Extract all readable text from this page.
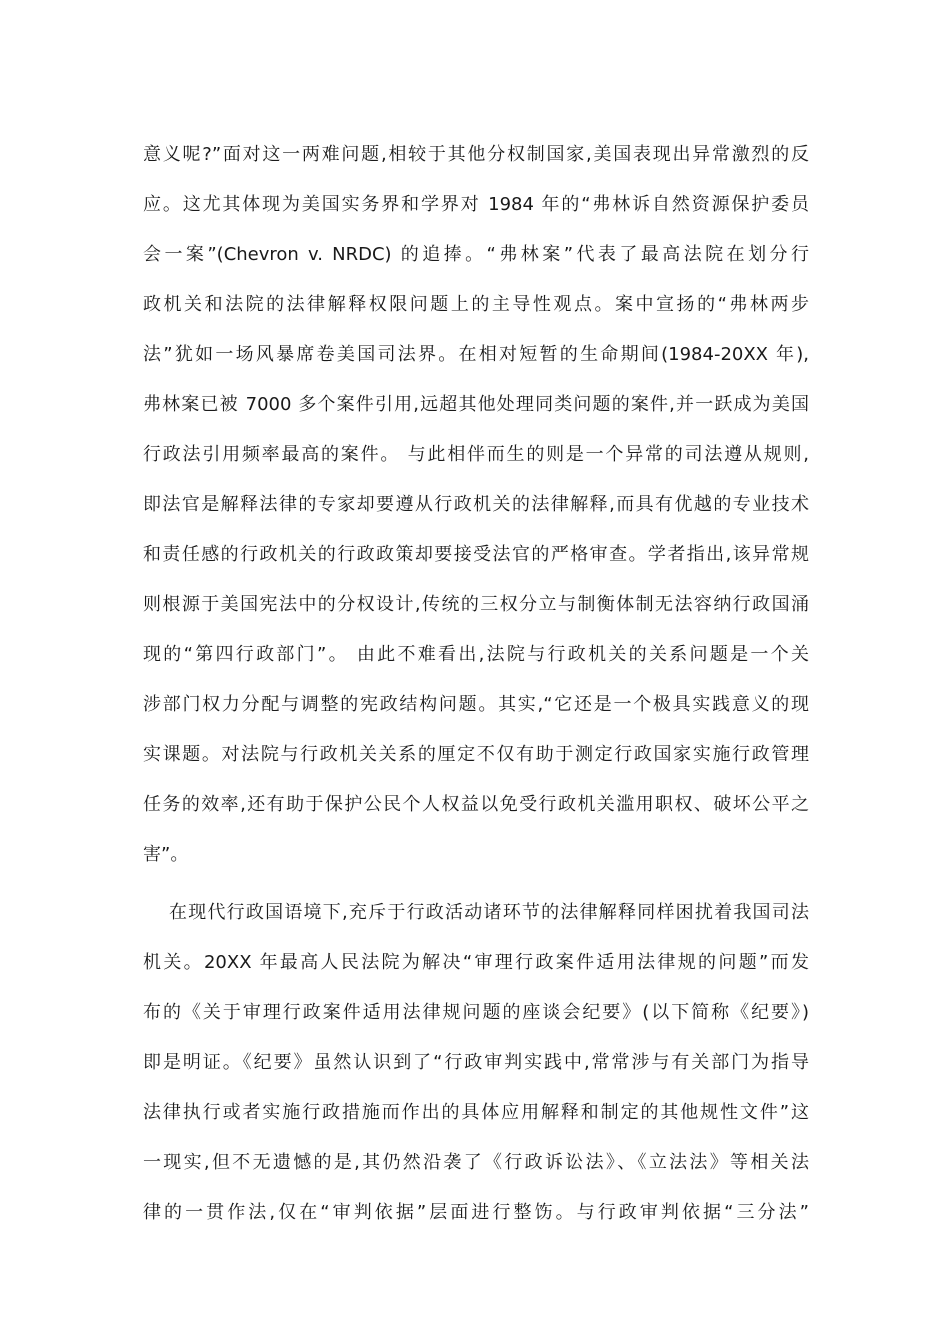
意义呢?”面对这一两难问题,相较于其他分权制国家,美国表现出异常激烈的反
应。这尤其体现为美国实务界和学界对 1984 年的“弗林诉自然资源保护委员
会一案”(Chevron v. NRDC) 的追捧。“弗林案”代表了最高法院在划分行
政机关和法院的法律解释权限问题上的主导性观点。案中宣扬的“弗林两步
法”犹如一场风暴席卷美国司法界。在相对短暂的生命期间(1984-20XX 年),
弗林案已被 7000 多个案件引用,远超其他处理同类问题的案件,并一跃成为美国
行政法引用频率最高的案件。 与此相伴而生的则是一个异常的司法遵从规则,
即法官是解释法律的专家却要遵从行政机关的法律解释,而具有优越的专业技术
和责任感的行政机关的行政政策却要接受法官的严格审查。学者指出,该异常规
则根源于美国宪法中的分权设计,传统的三权分立与制衡体制无法容纳行政国涌
现的“第四行政部门”。 由此不难看出,法院与行政机关的关系问题是一个关
涉部门权力分配与调整的宪政结构问题。其实,“它还是一个极具实践意义的现
实课题。对法院与行政机关关系的厘定不仅有助于测定行政国家实施行政管理
任务的效率,还有助于保护公民个人权益以免受行政机关滥用职权、破坏公平之
害”。
在现代行政国语境下,充斥于行政活动诸环节的法律解释同样困扰着我国司法
机关。20XX 年最高人民法院为解决“审理行政案件适用法律规的问题”而发
布的《关于审理行政案件适用法律规问题的座谈会纪要》(以下简称《纪要》)
即是明证。《纪要》虽然认识到了“行政审判实践中,常常涉与有关部门为指导
法律执行或者实施行政措施而作出的具体应用解释和制定的其他规性文件”这
一现实,但不无遗憾的是,其仍然沿袭了《行政诉讼法》、《立法法》等相关法
律的一贯作法,仅在“审判依据”层面进行整饬。与行政审判依据“三分法”
